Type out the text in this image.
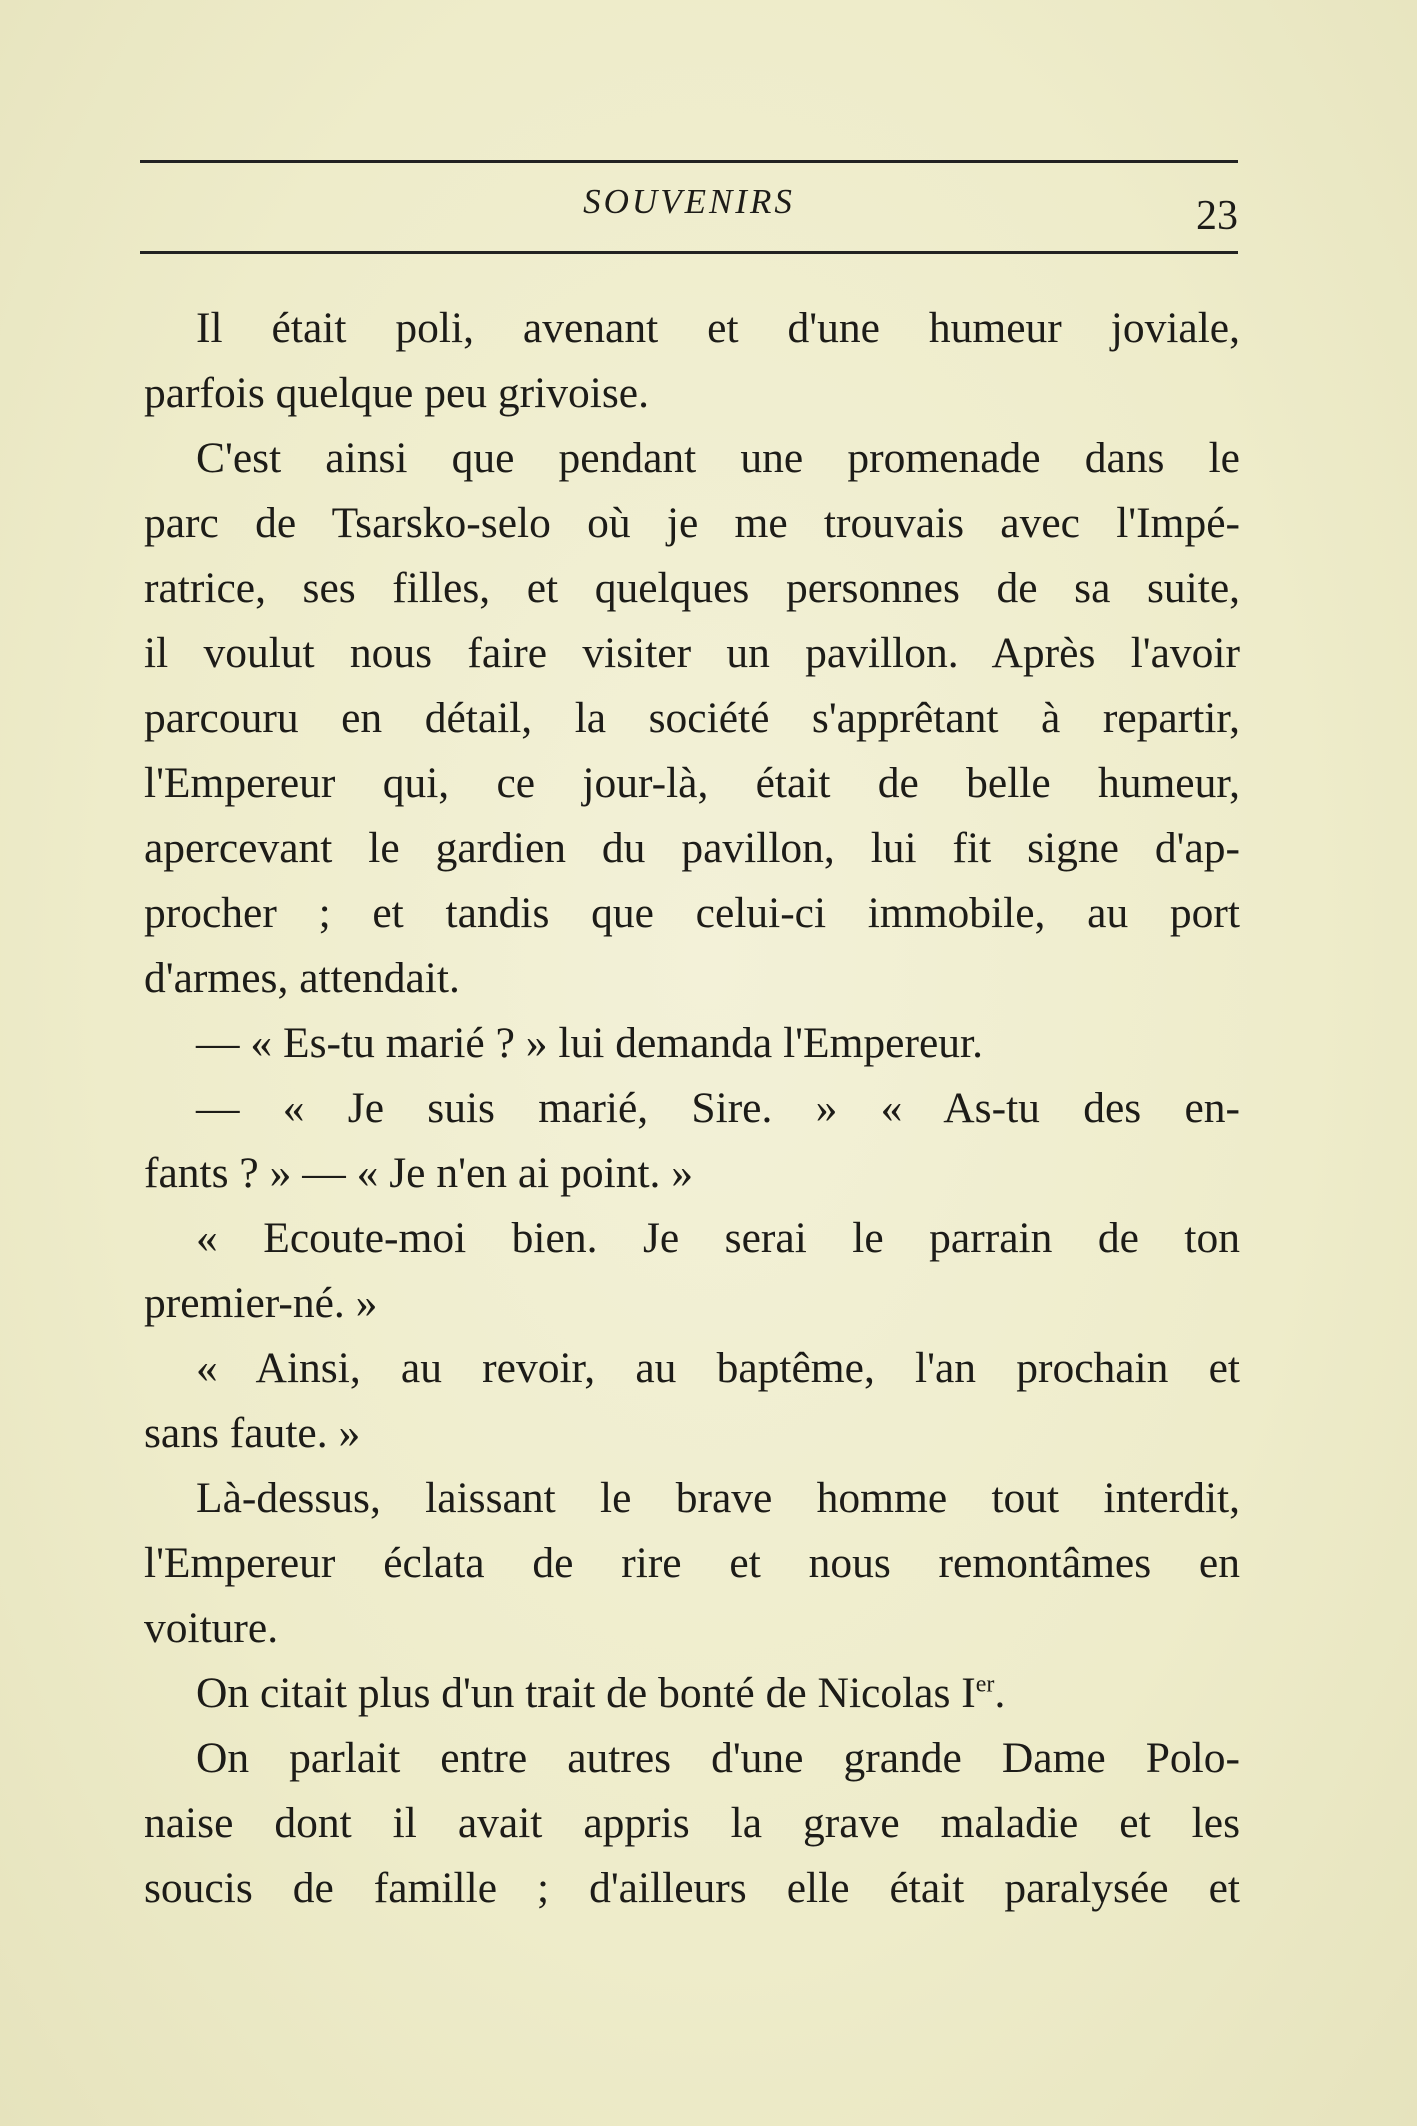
SOUVENIRS	23
Il était poli, avenant et d'une humeur joviale,
parfois quelque peu grivoise.
C'est ainsi que pendant une promenade dans le
parc de Tsarsko-selo où je me trouvais avec l'Impé-
ratrice, ses filles, et quelques personnes de sa suite,
il voulut nous faire visiter un pavillon. Après l'avoir
parcouru en détail, la société s'apprêtant à repartir,
l'Empereur qui, ce jour-là, était de belle humeur,
apercevant le gardien du pavillon, lui fit signe d'ap-
procher ; et tandis que celui-ci immobile, au port
d'armes, attendait.
— « Es-tu marié ? » lui demanda l'Empereur.
— « Je suis marié, Sire. » « As-tu des en-
fants ? » — « Je n'en ai point. »
« Ecoute-moi bien. Je serai le parrain de ton
premier-né. »
« Ainsi, au revoir, au baptême, l'an prochain et
sans faute. »
Là-dessus, laissant le brave homme tout interdit,
l'Empereur éclata de rire et nous remontâmes en
voiture.
On citait plus d'un trait de bonté de Nicolas Ier.
On parlait entre autres d'une grande Dame Polo-
naise dont il avait appris la grave maladie et les
soucis de famille ; d'ailleurs elle était paralysée et
